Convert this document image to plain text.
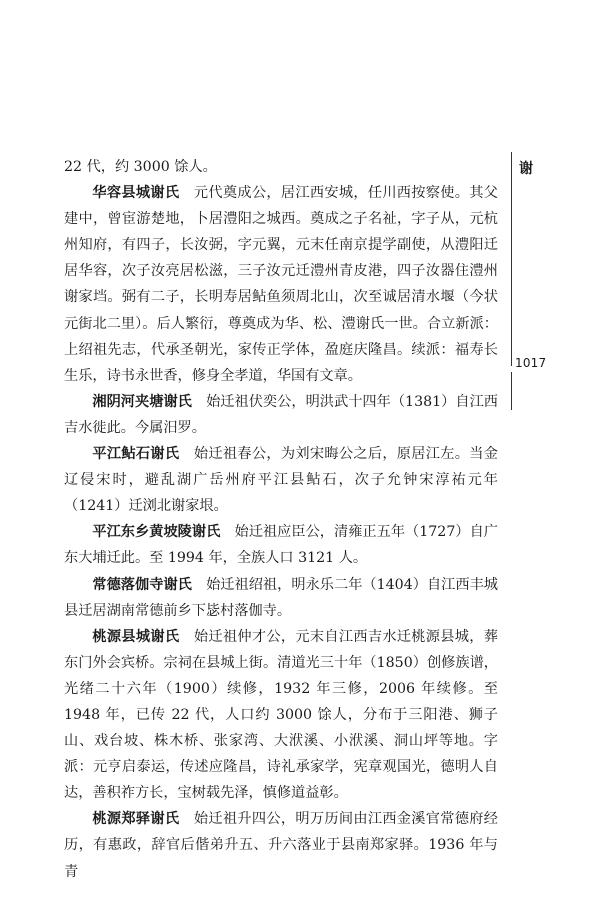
22 代，约 3000 馀人。

华容县城谢氏　 元代奠成公，居江西安城，任川西按察使。其父建中，曾宦游楚地，卜居澧阳之城西。奠成之子名祉，字子从，元杭州知府，有四子，长汝弼，字元翼，元末任南京提学副使，从澧阳迁居华容，次子汝亮居松滋，三子汝元迁澧州青皮港，四子汝器住澧州谢家垱。弼有二子，长明寿居鲇鱼须周北山，次至诚居清水堰（今状元街北二里）。后人繁衍，尊奠成为华、松、澧谢氏一世。合立新派：上绍祖先志，代承圣朝光，家传正学体，盈庭庆隆昌。续派：福寿长生乐，诗书永世香，修身全孝道，华国有文章。

湘阴河夹塘谢氏　 始迁祖伏奕公，明洪武十四年（1381）自江西吉水徙此。今属汨罗。

平江鲇石谢氏　 始迁祖春公，为刘宋晦公之后，原居江左。当金辽侵宋时，避乱湖广岳州府平江县鲇石，次子允钟宋淳祐元年（1241）迁浏北谢家垠。

平江东乡黄坡陵谢氏　 始迁祖应臣公，清雍正五年（1727）自广东大埔迁此。至 1994 年，全族人口 3121 人。

常德落伽寺谢氏　 始迁祖绍祖，明永乐二年（1404）自江西丰城县迁居湖南常德前乡下毖村落伽寺。

桃源县城谢氏　 始迁祖仲才公，元末自江西吉水迁桃源县城，葬东门外会宾桥。宗祠在县城上街。清道光三十年（1850）创修族谱，光绪二十六年（1900）续修，1932 年三修，2006 年续修。至 1948 年，已传 22 代，人口约 3000 馀人，分布于三阳港、狮子山、戏台坡、株木桥、张家湾、大洑溪、小洑溪、洞山坪等地。字派：元亨启泰运，传述应隆昌，诗礼承家学，宪章观国光，德明人自达，善积祚方长，宝树载先泽，慎修道益彰。

桃源郑驿谢氏　 始迁祖升四公，明万历间由江西金溪官常德府经历，有惠政，辞官后偕弟升五、升六落业于县南郑家驿。1936 年与青

谢
1017
